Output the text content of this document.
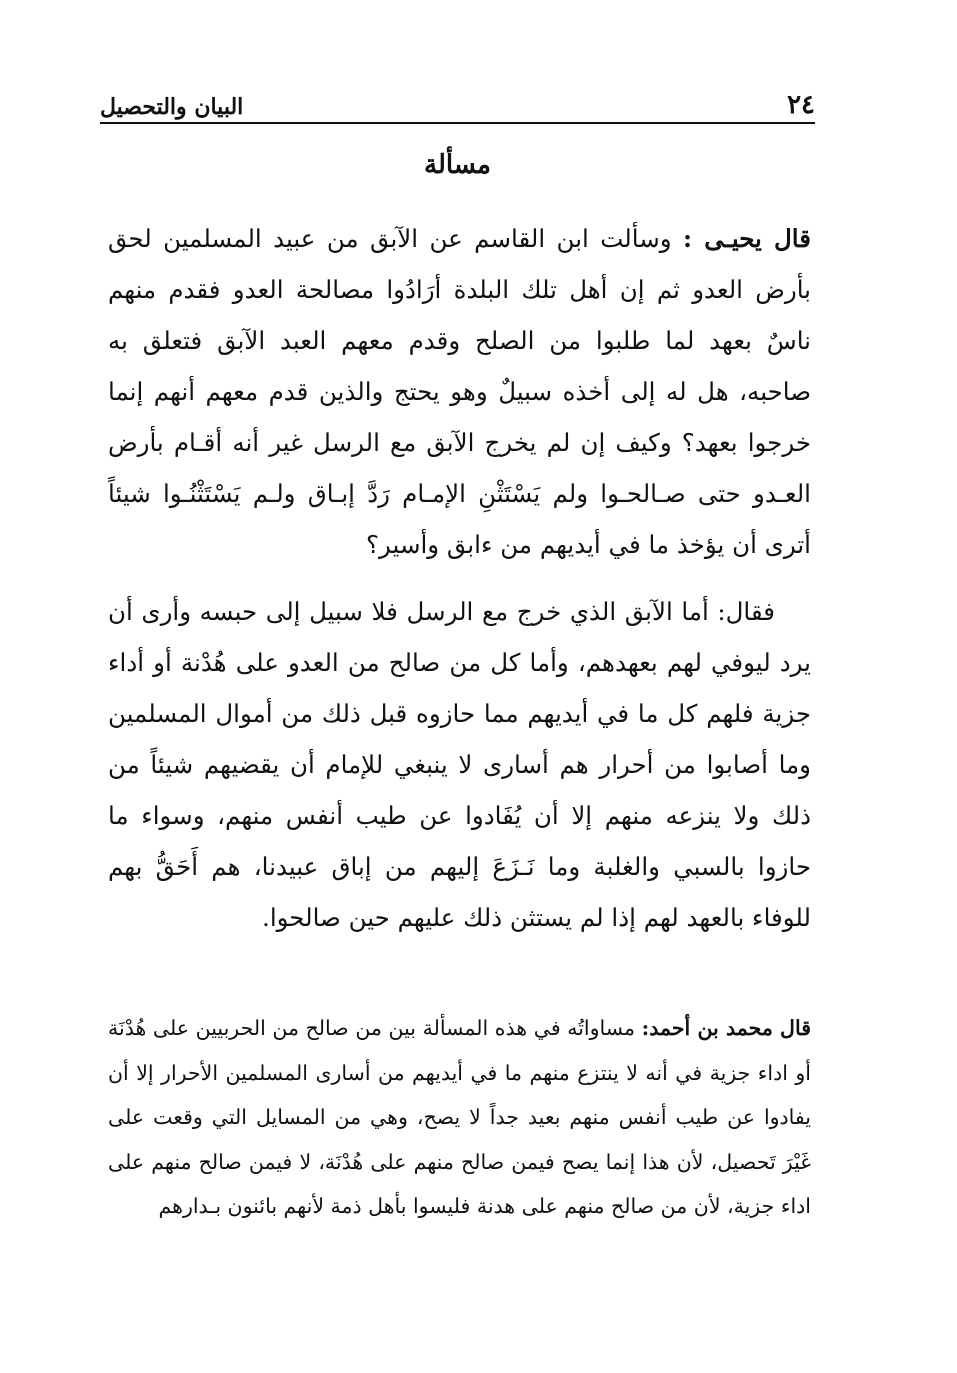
٢٤
البيان والتحصيل
مسألة

قال يحيـى : وسألت ابن القاسم عن الآبق من عبيد المسلمين لحق بأرض العدو ثم إن أهل تلك البلدة أرَادُوا مصالحة العدو فقدم منهم ناسٌ بعهد لما طلبوا من الصلح وقدم معهم العبد الآبق فتعلق به صاحبه، هل له إلى أخذه سبيلٌ وهو يحتج والذين قدم معهم أنهم إنما خرجوا بعهد؟ وكيف إن لم يخرج الآبق مع الرسل غير أنه أقـام بأرض العـدو حتى صـالحـوا ولم يَسْتَثْنِ الإمـام رَدَّ إبـاق ولـم يَسْتَثْنُـوا شيئاً أترى أن يؤخذ ما في أيديهم من ءابق وأسير؟

فقال: أما الآبق الذي خرج مع الرسل فلا سبيل إلى حبسه وأرى أن يرد ليوفي لهم بعهدهم، وأما كل من صالح من العدو على هُدْنة أو أداء جزية فلهم كل ما في أيديهم مما حازوه قبل ذلك من أموال المسلمين وما أصابوا من أحرار هم أسارى لا ينبغي للإمام أن يقضيهم شيئاً من ذلك ولا ينزعه منهم إلا أن يُفَادوا عن طيب أنفس منهم، وسواء ما حازوا بالسبي والغلبة وما نَـزَعَ إليهم من إباق عبيدنا، هم أَحَقُّ بهم للوفاء بالعهد لهم إذا لم يستثن ذلك عليهم حين صالحوا.

قال محمد بن أحمد: مساواتُه في هذه المسألة بين من صالح من الحربيين على هُدْنَة أو اداء جزية في أنه لا ينتزع منهم ما في أيديهم من أسارى المسلمين الأحرار إلا أن يفادوا عن طيب أنفس منهم بعيد جداً لا يصح، وهي من المسايل التي وقعت على غَيْرَ تَحصيل، لأن هذا إنما يصح فيمن صالح منهم على هُدْنَة، لا فيمن صالح منهم على اداء جزية، لأن من صالح منهم على هدنة فليسوا بأهل ذمة لأنهم بائنون بـدارهم
